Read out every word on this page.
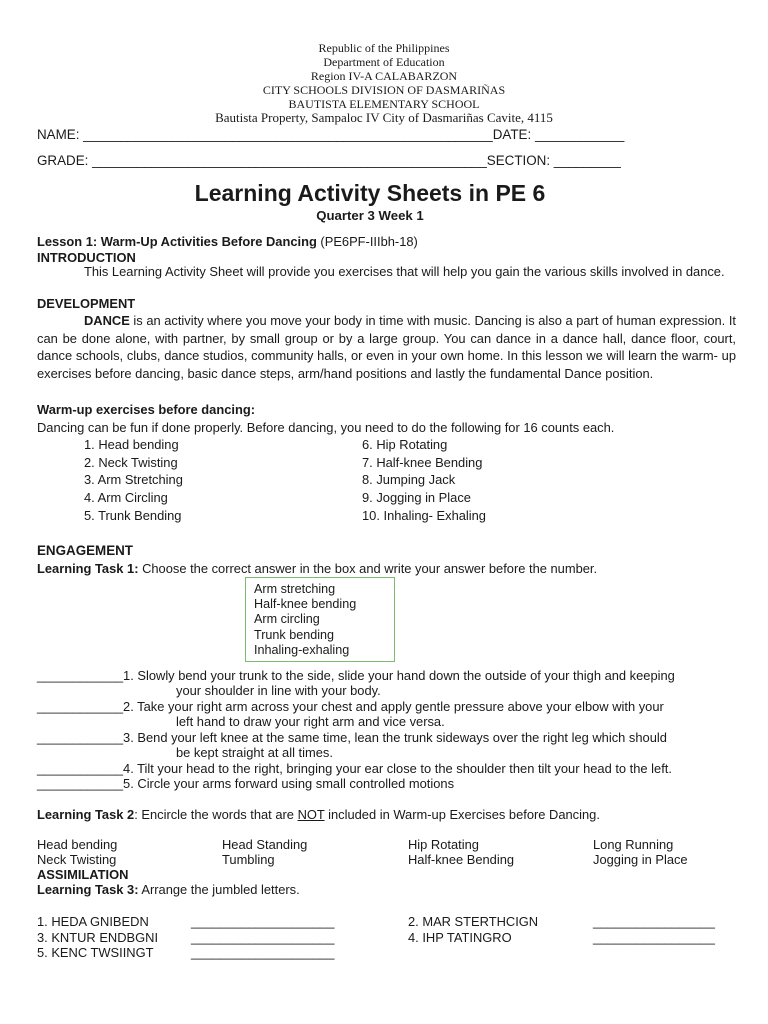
Republic of the Philippines
Department of Education
Region IV-A CALABARZON
CITY SCHOOLS DIVISION OF DASMARIÑAS
BAUTISTA ELEMENTARY SCHOOL
Bautista Property, Sampaloc IV City of Dasmariñas Cavite, 4115
NAME: _______________________________________________________DATE: ____________
GRADE: _____________________________________________________SECTION: _________
Learning Activity Sheets in PE 6
Quarter 3 Week 1
Lesson 1: Warm-Up Activities Before Dancing (PE6PF-IIIbh-18)
INTRODUCTION
This Learning Activity Sheet will provide you exercises that will help you gain the various skills involved in dance.
DEVELOPMENT
DANCE is an activity where you move your body in time with music. Dancing is also a part of human expression. It can be done alone, with partner, by small group or by a large group. You can dance in a dance hall, dance floor, court, dance schools, clubs, dance studios, community halls, or even in your own home. In this lesson we will learn the warm- up exercises before dancing, basic dance steps, arm/hand positions and lastly the fundamental Dance position.
Warm-up exercises before dancing:
Dancing can be fun if done properly. Before dancing, you need to do the following for 16 counts each.
1. Head bending
2. Neck Twisting
3. Arm Stretching
4. Arm Circling
5. Trunk Bending
6. Hip Rotating
7. Half-knee Bending
8. Jumping Jack
9. Jogging in Place
10. Inhaling- Exhaling
ENGAGEMENT
Learning Task 1: Choose the correct answer in the box and write your answer before the number.
Arm stretching
Half-knee bending
Arm circling
Trunk bending
Inhaling-exhaling
____________1. Slowly bend your trunk to the side, slide your hand down the outside of your thigh and keeping
your shoulder in line with your body.
____________2. Take your right arm across your chest and apply gentle pressure above your elbow with your
left hand to draw your right arm and vice versa.
____________3. Bend your left knee at the same time, lean the trunk sideways over the right leg which should
be kept straight at all times.
____________4. Tilt your head to the right, bringing your ear close to the shoulder then tilt your head to the left.
____________5. Circle your arms forward using small controlled motions
Learning Task 2: Encircle the words that are NOT included in Warm-up Exercises before Dancing.
Head bending	Head Standing	Hip Rotating	Long Running
Neck Twisting	Tumbling	Half-knee Bending	Jogging in Place
ASSIMILATION
Learning Task 3: Arrange the jumbled letters.
1. HEDA GNIBEDN	____________________	2. MAR STERTHCIGN	_________________
3. KNTUR ENDBGNI	____________________	4. IHP TATINGRO	_________________
5. KENC TWSIINGT	____________________
